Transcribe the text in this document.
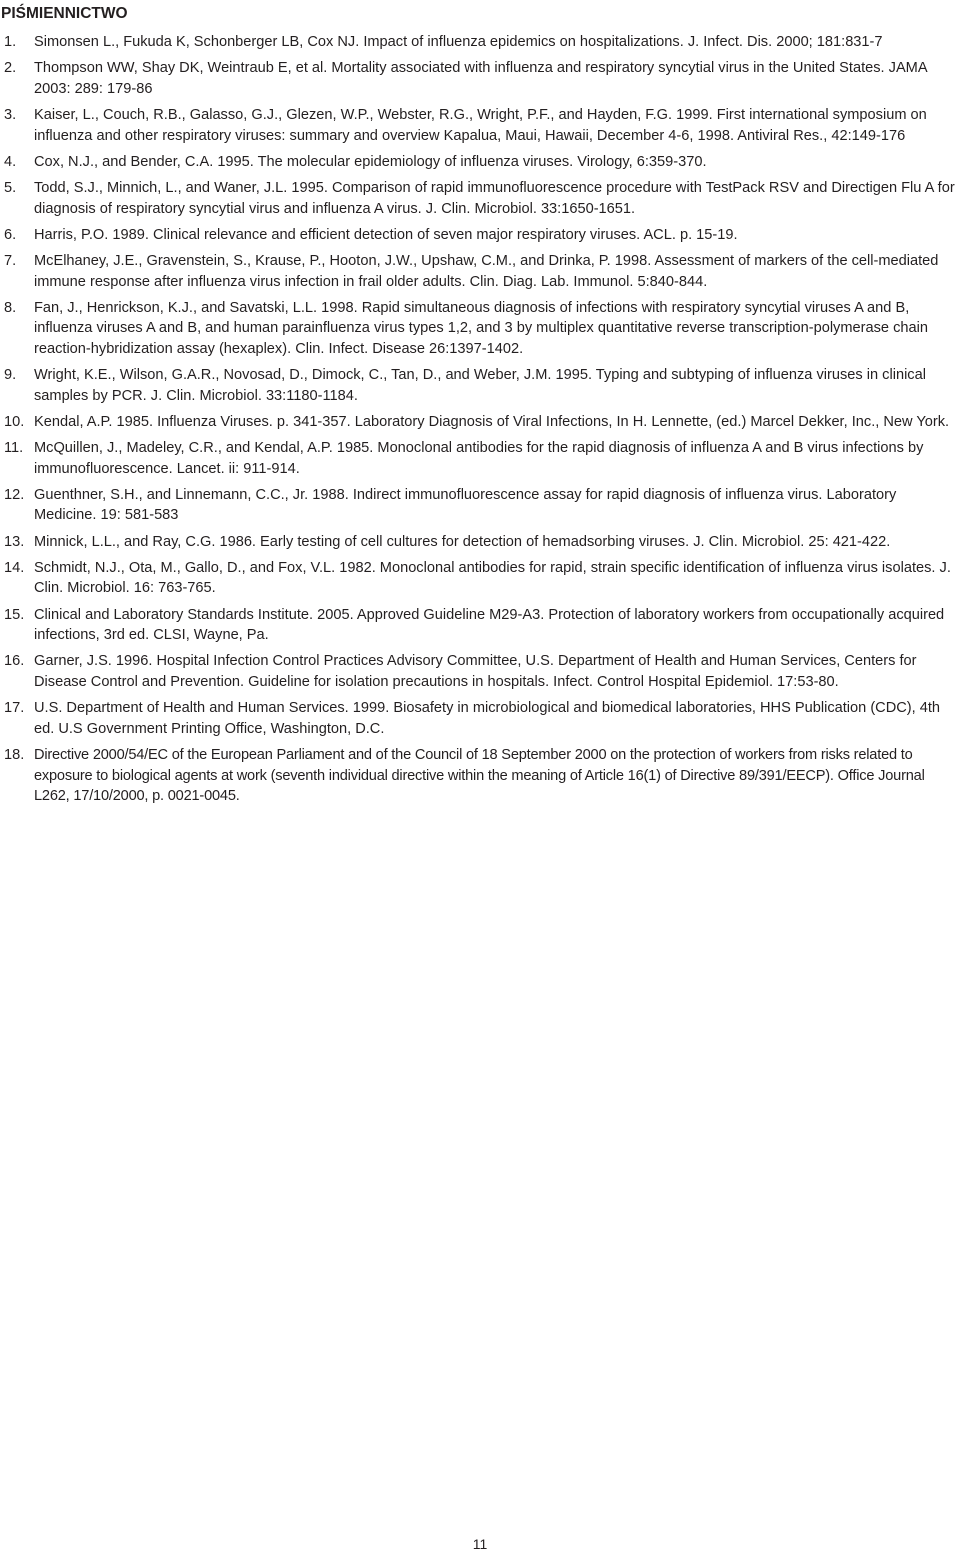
PIŚMIENNICTWO
1. Simonsen L., Fukuda K, Schonberger LB, Cox NJ. Impact of influenza epidemics on hospitalizations. J. Infect. Dis. 2000; 181:831-7
2. Thompson WW, Shay DK, Weintraub E, et al. Mortality associated with influenza and respiratory syncytial virus in the United States. JAMA 2003: 289: 179-86
3. Kaiser, L., Couch, R.B., Galasso, G.J., Glezen, W.P., Webster, R.G., Wright, P.F., and Hayden, F.G. 1999. First international symposium on influenza and other respiratory viruses: summary and overview Kapalua, Maui, Hawaii, December 4-6, 1998. Antiviral Res., 42:149-176
4. Cox, N.J., and Bender, C.A. 1995. The molecular epidemiology of influenza viruses. Virology, 6:359-370.
5. Todd, S.J., Minnich, L., and Waner, J.L. 1995. Comparison of rapid immunofluorescence procedure with TestPack RSV and Directigen Flu A for diagnosis of respiratory syncytial virus and influenza A virus. J. Clin. Microbiol. 33:1650-1651.
6. Harris, P.O. 1989. Clinical relevance and efficient detection of seven major respiratory viruses. ACL. p. 15-19.
7. McElhaney, J.E., Gravenstein, S., Krause, P., Hooton, J.W., Upshaw, C.M., and Drinka, P. 1998. Assessment of markers of the cell-mediated immune response after influenza virus infection in frail older adults. Clin. Diag. Lab. Immunol. 5:840-844.
8. Fan, J., Henrickson, K.J., and Savatski, L.L. 1998. Rapid simultaneous diagnosis of infections with respiratory syncytial viruses A and B, influenza viruses A and B, and human parainfluenza virus types 1,2, and 3 by multiplex quantitative reverse transcription-polymerase chain reaction-hybridization assay (hexaplex). Clin. Infect. Disease 26:1397-1402.
9. Wright, K.E., Wilson, G.A.R., Novosad, D., Dimock, C., Tan, D., and Weber, J.M. 1995. Typing and subtyping of influenza viruses in clinical samples by PCR. J. Clin. Microbiol. 33:1180-1184.
10. Kendal, A.P. 1985. Influenza Viruses. p. 341-357. Laboratory Diagnosis of Viral Infections, In H. Lennette, (ed.) Marcel Dekker, Inc., New York.
11. McQuillen, J., Madeley, C.R., and Kendal, A.P. 1985. Monoclonal antibodies for the rapid diagnosis of influenza A and B virus infections by immunofluorescence. Lancet. ii: 911-914.
12. Guenthner, S.H., and Linnemann, C.C., Jr. 1988. Indirect immunofluorescence assay for rapid diagnosis of influenza virus. Laboratory Medicine. 19: 581-583
13. Minnick, L.L., and Ray, C.G. 1986. Early testing of cell cultures for detection of hemadsorbing viruses. J. Clin. Microbiol. 25: 421-422.
14. Schmidt, N.J., Ota, M., Gallo, D., and Fox, V.L. 1982. Monoclonal antibodies for rapid, strain specific identification of influenza virus isolates. J. Clin. Microbiol. 16: 763-765.
15. Clinical and Laboratory Standards Institute. 2005. Approved Guideline M29-A3. Protection of laboratory workers from occupationally acquired infections, 3rd ed. CLSI, Wayne, Pa.
16. Garner, J.S. 1996. Hospital Infection Control Practices Advisory Committee, U.S. Department of Health and Human Services, Centers for Disease Control and Prevention. Guideline for isolation precautions in hospitals. Infect. Control Hospital Epidemiol. 17:53-80.
17. U.S. Department of Health and Human Services. 1999. Biosafety in microbiological and biomedical laboratories, HHS Publication (CDC), 4th ed. U.S Government Printing Office, Washington, D.C.
18. Directive 2000/54/EC of the European Parliament and of the Council of 18 September 2000 on the protection of workers from risks related to exposure to biological agents at work (seventh individual directive within the meaning of Article 16(1) of Directive 89/391/EECP). Office Journal L262, 17/10/2000, p. 0021-0045.
11
